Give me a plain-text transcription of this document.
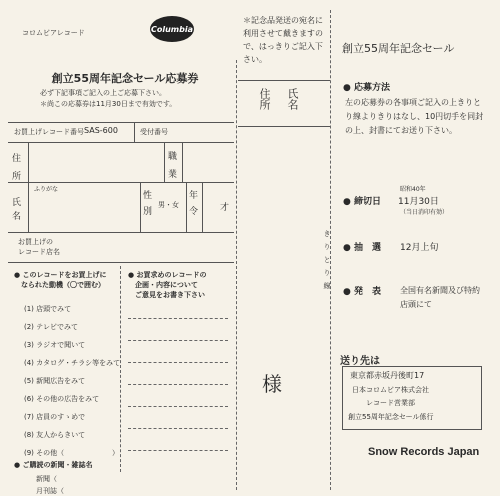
コロムビアレコード	Columbia
創立55周年記念セール応募券
必ず下記事項ご記入の上ご応募下さい。
＊尚この応募券は11月30日まで有効です。
お買上げレコード番号 SAS-600	受付番号
住所
職業
ふりがな
氏名
性別
男・女
年令 才
お買上げの
レコード店名
● このレコードをお買上げに
　なられた動機（〇で囲む）
(1) 店頭でみて
(2) テレビでみて
(3) ラジオで聞いて
(4) カタログ・チラシ等をみて
(5) 新聞広告をみて
(6) その他の広告をみて
(7) 店員のすゝめで
(8) 友人からきいて
(9) その他（	）
● お買求めのレコードの
　企画・内容について
　ご意見をお書き下さい
● ご購読の新聞・雑誌名
新聞（
月刊誌（
＊記念品発送の宛名に利用させて戴きますので、はっきりご記入下さい。
住所 氏名
様
きりとり線
創立55周年記念セール
● 応募方法
左の応募券の各事項ご記入の上きりとり線よりきりはなし、10円切手を同封の上、封書にてお送り下さい。
● 締切日
昭和40年
11月30日
（当日消印有効）
● 抽　選 12月上旬
● 発　表 全国有名新聞及び特約店頭にて
送り先は
東京都赤坂丹後町17
日本コロムビア株式会社
レコード営業部
創立55周年記念セール係行
Snow Records Japan
